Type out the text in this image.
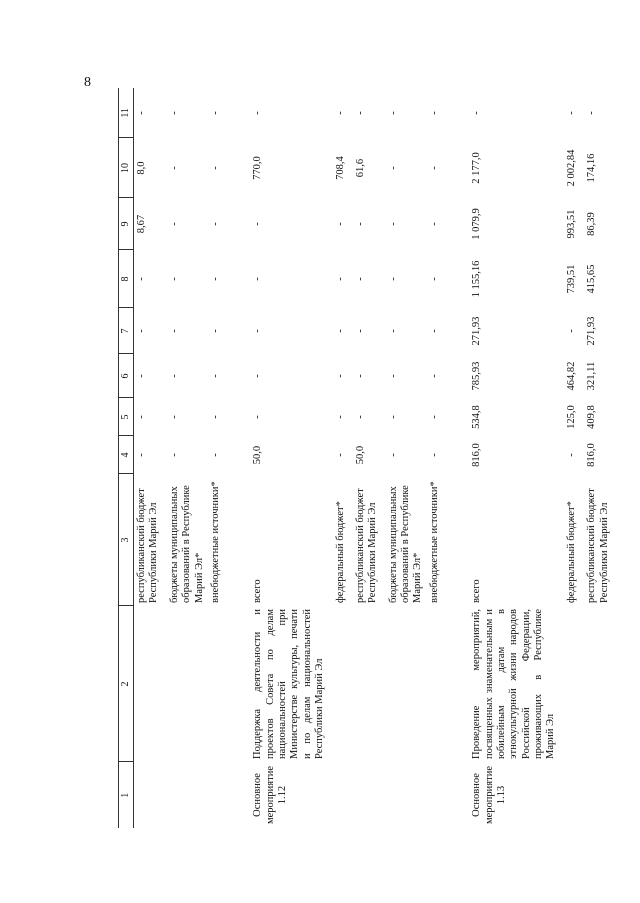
8
1	2	3	4	5	6	7	8	9	10	11
		республиканский бюджет Республики Марий Эл	-	-	-	-	-	8,67	8,0	-
		бюджеты муниципальных образований в Республике Марий Эл*	-	-	-	-	-	-	-	-
		внебюджетные источники*	-	-	-	-	-	-	-	-
Основное мероприятие 1.12	Поддержка деятельности и проектов Совета по делам национальностей при Министерстве культуры, печати и по делам национальностей Республики Марий Эл	всего	50,0	-	-	-	-	-	770,0	-
		федеральный бюджет*	-	-	-	-	-	-	708,4	-
		республиканский бюджет Республики Марий Эл	50,0	-	-	-	-	-	61,6	-
		бюджеты муниципальных образований в Республике Марий Эл*	-	-	-	-	-	-	-	-
		внебюджетные источники*	-	-	-	-	-	-	-	-
Основное мероприятие 1.13	Проведение мероприятий, посвященных знаменательным и юбилейным датам в этнокультурной жизни народов Российской Федерации, проживающих в Республике Марий Эл	всего	816,0	534,8	785,93	271,93	1 155,16	1 079,9	2 177,0	-
		федеральный бюджет*	-	125,0	464,82	-	739,51	993,51	2 002,84	-
		республиканский бюджет Республики Марий Эл	816,0	409,8	321,11	271,93	415,65	86,39	174,16	-
